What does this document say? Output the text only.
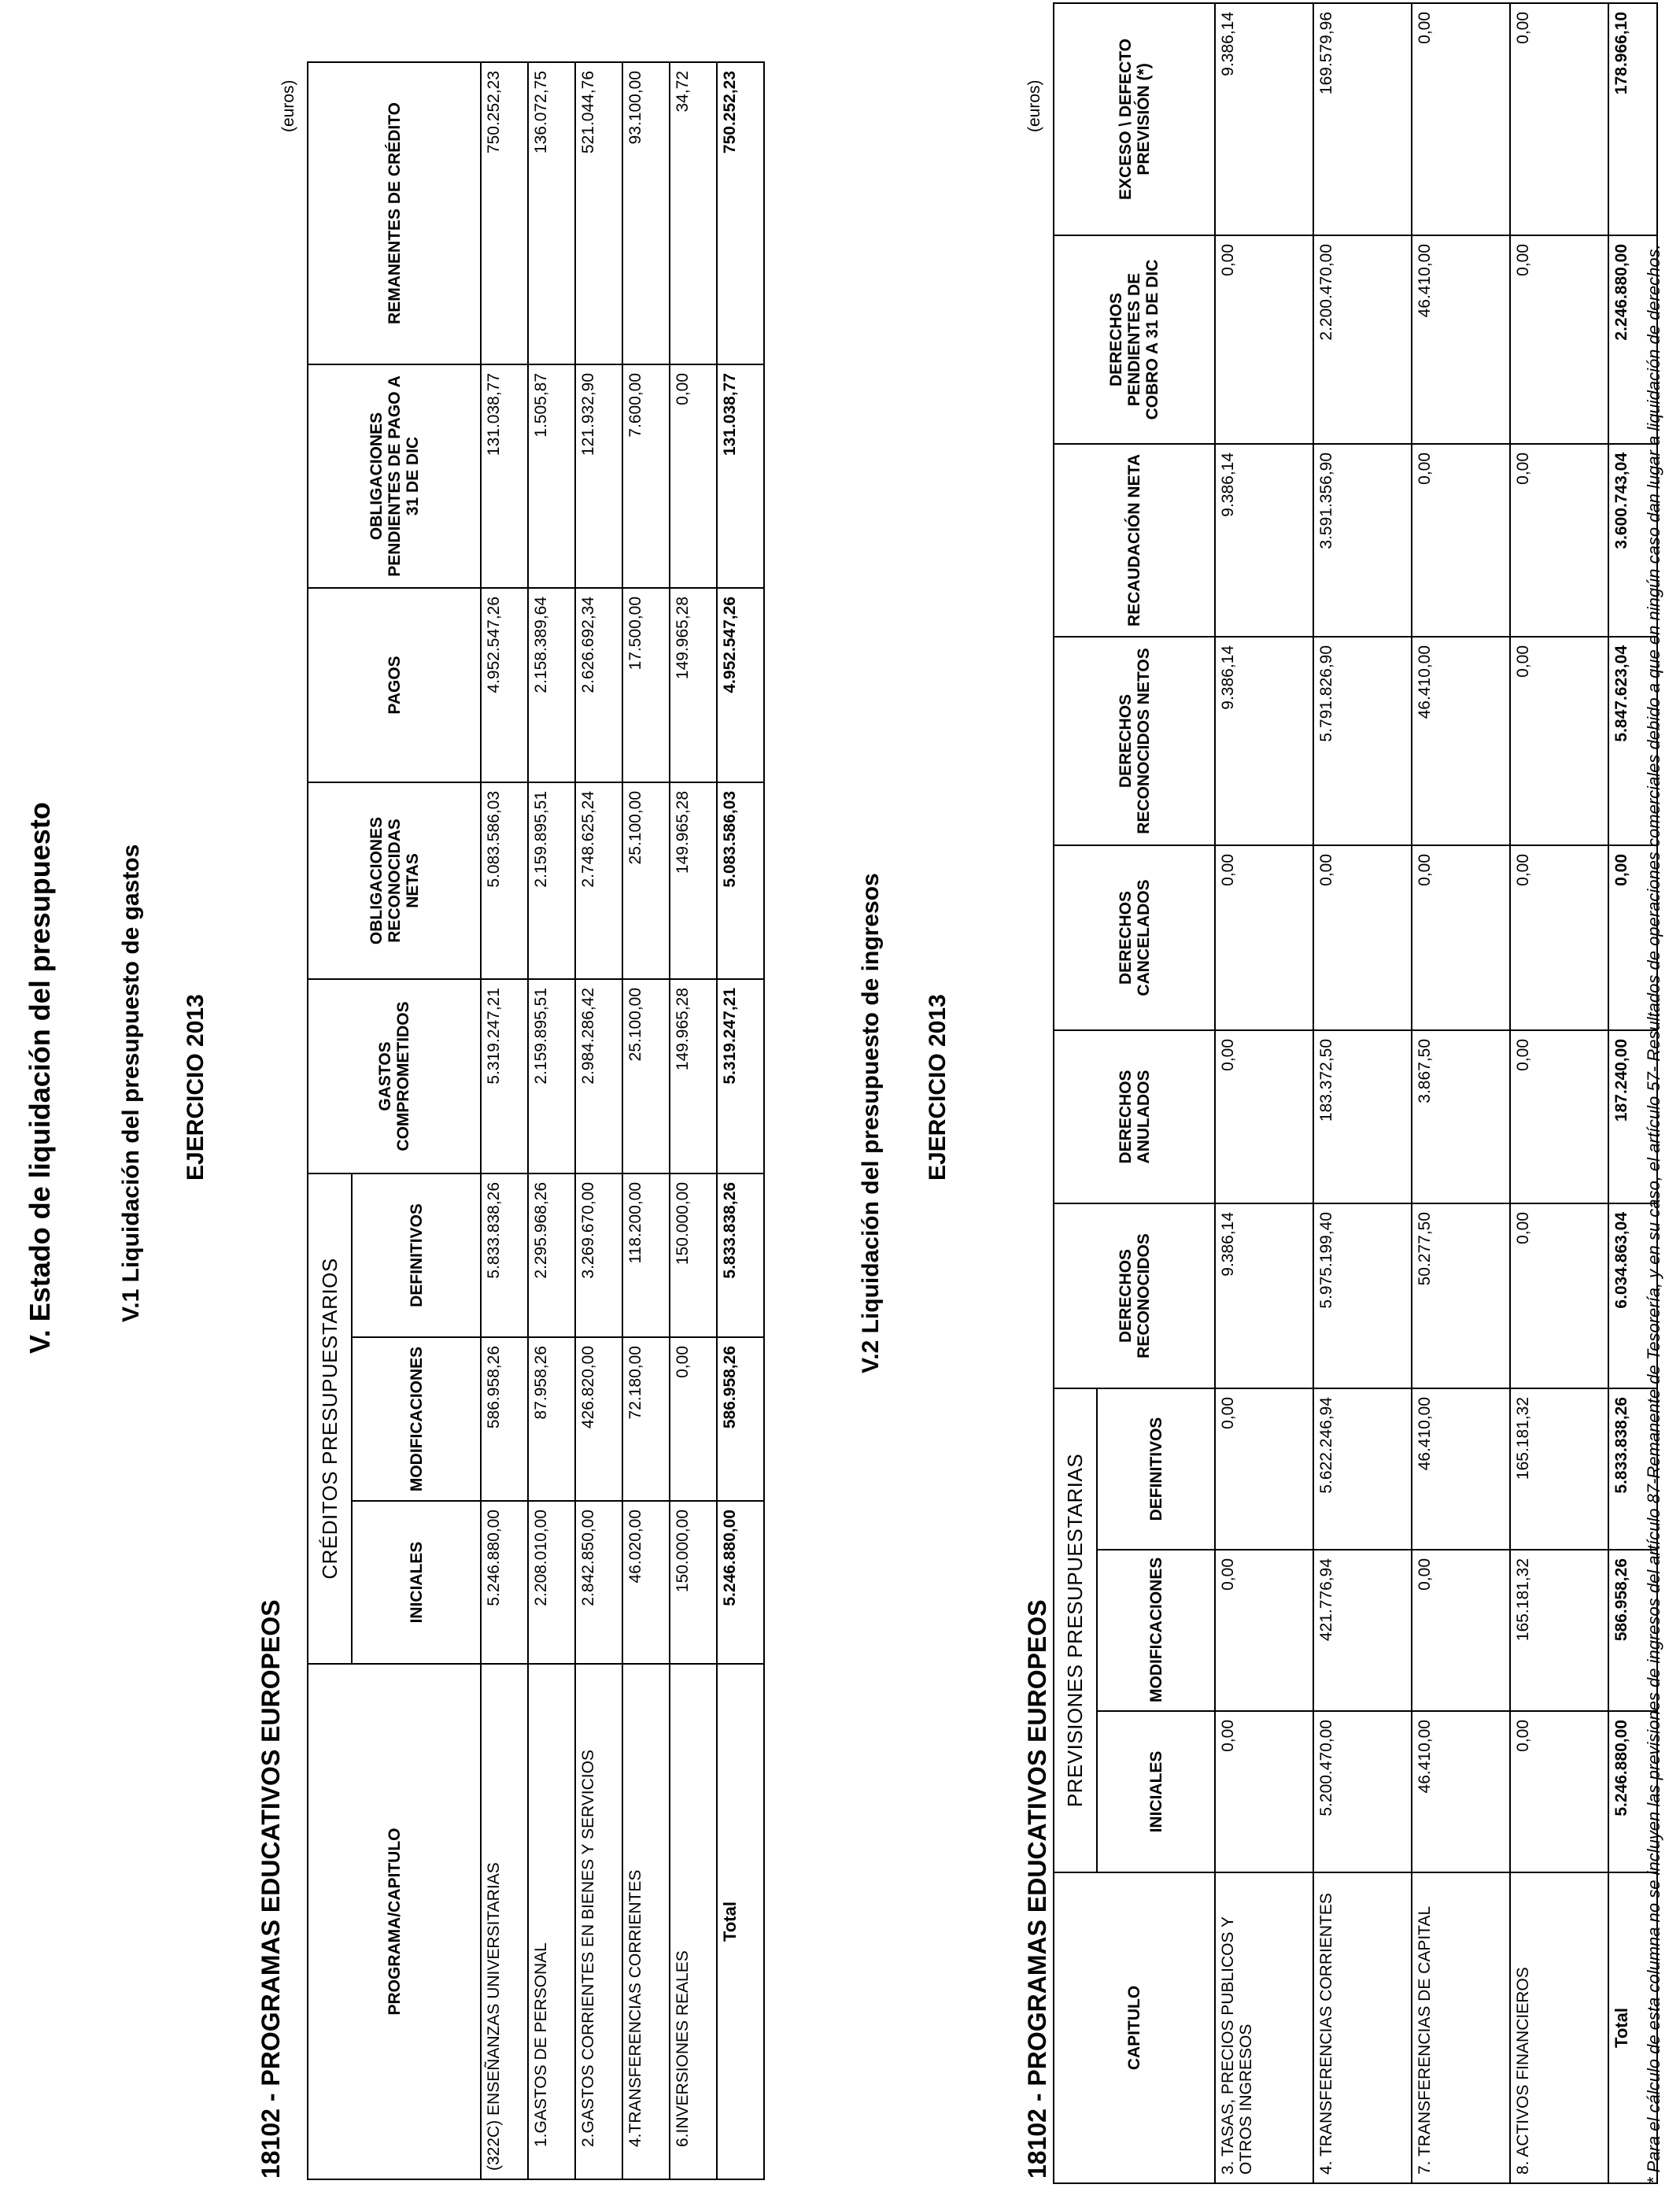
V. Estado de liquidación del presupuesto	V.1 Liquidación del presupuesto de gastos EJERCICIO 2013
18102 - PROGRAMAS EDUCATIVOS EUROPEOS
(euros)
PROGRAMA/CAPITULO	CRÉDITOS PRESUPUESTARIOS			GASTOS COMPROMETIDOS	OBLIGACIONES RECONOCIDAS NETAS	PAGOS	OBLIGACIONES PENDIENTES DE PAGO A 31 DE DIC	REMANENTES DE CRÉDITO
	INICIALES	MODIFICACIONES	DEFINITIVOS					
(322C) ENSEÑANZAS UNIVERSITARIAS	5.246.880,00	586.958,26	5.833.838,26	5.319.247,21	5.083.586,03	4.952.547,26	131.038,77	750.252,23
1.GASTOS DE PERSONAL	2.208.010,00	87.958,26	2.295.968,26	2.159.895,51	2.159.895,51	2.158.389,64	1.505,87	136.072,75
2.GASTOS CORRIENTES EN BIENES Y SERVICIOS	2.842.850,00	426.820,00	3.269.670,00	2.984.286,42	2.748.625,24	2.626.692,34	121.932,90	521.044,76
4.TRANSFERENCIAS CORRIENTES	46.020,00	72.180,00	118.200,00	25.100,00	25.100,00	17.500,00	7.600,00	93.100,00
6.INVERSIONES REALES	150.000,00	0,00	150.000,00	149.965,28	149.965,28	149.965,28	0,00	34,72
Total	5.246.880,00	586.958,26	5.833.838,26	5.319.247,21	5.083.586,03	4.952.547,26	131.038,77	750.252,23
V.2 Liquidación del presupuesto de ingresos EJERCICIO 2013
18102 - PROGRAMAS EDUCATIVOS EUROPEOS
(euros)
CAPITULO	PREVISIONES PRESUPUESTARIAS			DERECHOS RECONOCIDOS	DERECHOS ANULADOS	DERECHOS CANCELADOS	DERECHOS RECONOCIDOS NETOS	RECAUDACIÓN NETA	DERECHOS PENDIENTES DE COBRO A 31 DE DIC	EXCESO \ DEFECTO PREVISIÓN (*)
	INICIALES	MODIFICACIONES	DEFINITIVOS							
3. TASAS, PRECIOS PUBLICOS Y OTROS INGRESOS	0,00	0,00	0,00	9.386,14	0,00	0,00	9.386,14	9.386,14	0,00	9.386,14
4. TRANSFERENCIAS CORRIENTES	5.200.470,00	421.776,94	5.622.246,94	5.975.199,40	183.372,50	0,00	5.791.826,90	3.591.356,90	2.200.470,00	169.579,96
7. TRANSFERENCIAS DE CAPITAL	46.410,00	0,00	46.410,00	50.277,50	3.867,50	0,00	46.410,00	0,00	46.410,00	0,00
8. ACTIVOS FINANCIEROS	0,00	165.181,32	165.181,32	0,00	0,00	0,00	0,00	0,00	0,00	0,00
Total	5.246.880,00	586.958,26	5.833.838,26	6.034.863,04	187.240,00	0,00	5.847.623,04	3.600.743,04	2.246.880,00	178.966,10
* Para el cálculo de esta columna no se incluyen las previsiones de ingresos del artículo 87-Remanente de Tesorería, y en su caso, el artículo 57- Resultados de operaciones comerciales debido a que en ningún caso dan lugar a liquidación de derechos.
